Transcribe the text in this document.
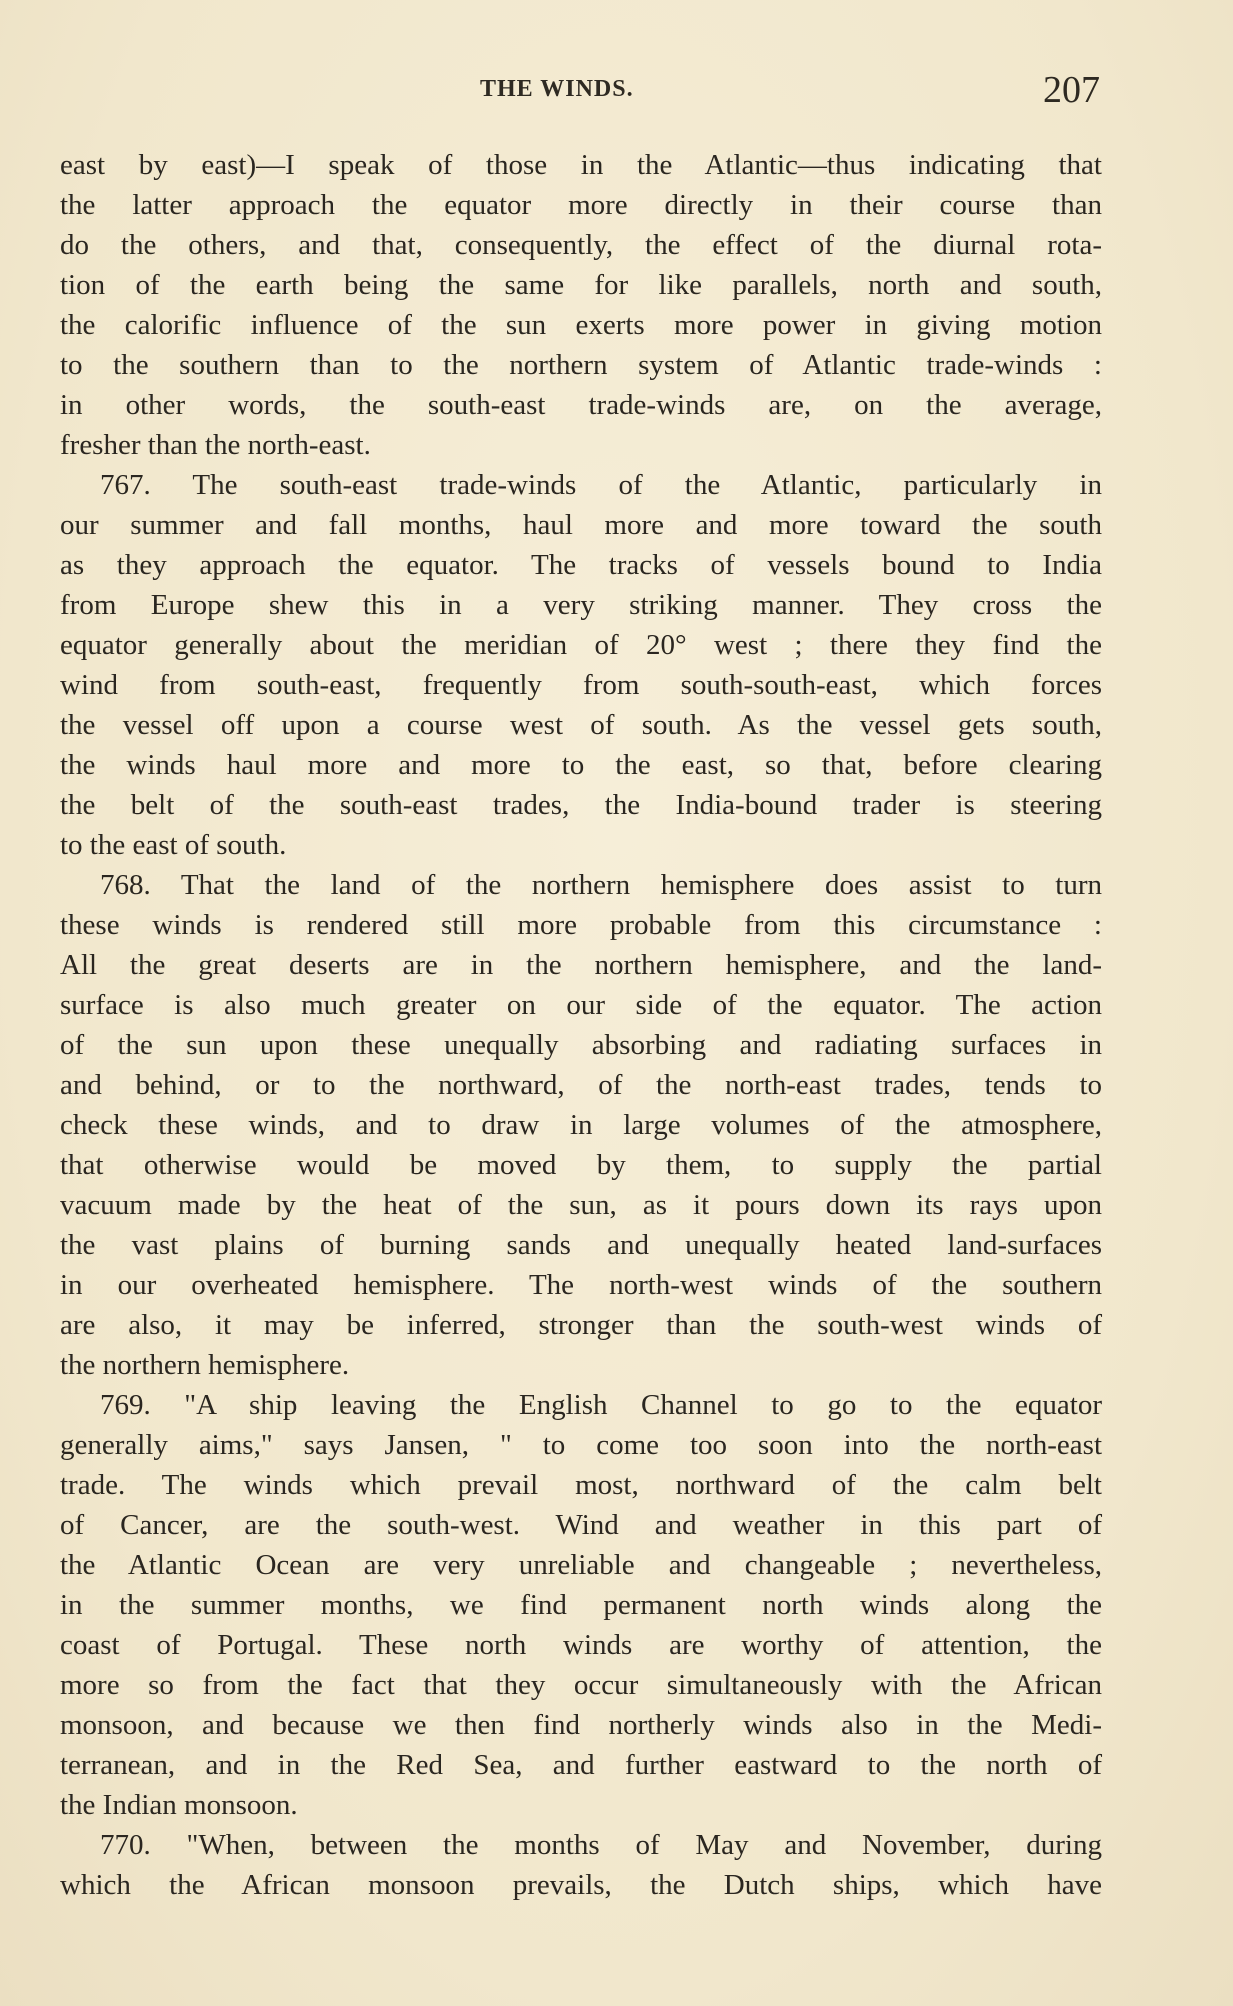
THE WINDS.	207
east by east)—I speak of those in the Atlantic—thus indicating that
the latter approach the equator more directly in their course than
do the others, and that, consequently, the effect of the diurnal rota-
tion of the earth being the same for like parallels, north and south,
the calorific influence of the sun exerts more power in giving motion
to the southern than to the northern system of Atlantic trade-winds :
in other words, the south-east trade-winds are, on the average,
fresher than the north-east.
767. The south-east trade-winds of the Atlantic, particularly in
our summer and fall months, haul more and more toward the south
as they approach the equator. The tracks of vessels bound to India
from Europe shew this in a very striking manner. They cross the
equator generally about the meridian of 20° west ; there they find the
wind from south-east, frequently from south-south-east, which forces
the vessel off upon a course west of south. As the vessel gets south,
the winds haul more and more to the east, so that, before clearing
the belt of the south-east trades, the India-bound trader is steering
to the east of south.
768. That the land of the northern hemisphere does assist to turn
these winds is rendered still more probable from this circumstance :
All the great deserts are in the northern hemisphere, and the land-
surface is also much greater on our side of the equator. The action
of the sun upon these unequally absorbing and radiating surfaces in
and behind, or to the northward, of the north-east trades, tends to
check these winds, and to draw in large volumes of the atmosphere,
that otherwise would be moved by them, to supply the partial
vacuum made by the heat of the sun, as it pours down its rays upon
the vast plains of burning sands and unequally heated land-surfaces
in our overheated hemisphere. The north-west winds of the southern
are also, it may be inferred, stronger than the south-west winds of
the northern hemisphere.
769. "A ship leaving the English Channel to go to the equator
generally aims," says Jansen, " to come too soon into the north-east
trade. The winds which prevail most, northward of the calm belt
of Cancer, are the south-west. Wind and weather in this part of
the Atlantic Ocean are very unreliable and changeable ; nevertheless,
in the summer months, we find permanent north winds along the
coast of Portugal. These north winds are worthy of attention, the
more so from the fact that they occur simultaneously with the African
monsoon, and because we then find northerly winds also in the Medi-
terranean, and in the Red Sea, and further eastward to the north of
the Indian monsoon.
770. "When, between the months of May and November, during
which the African monsoon prevails, the Dutch ships, which have
